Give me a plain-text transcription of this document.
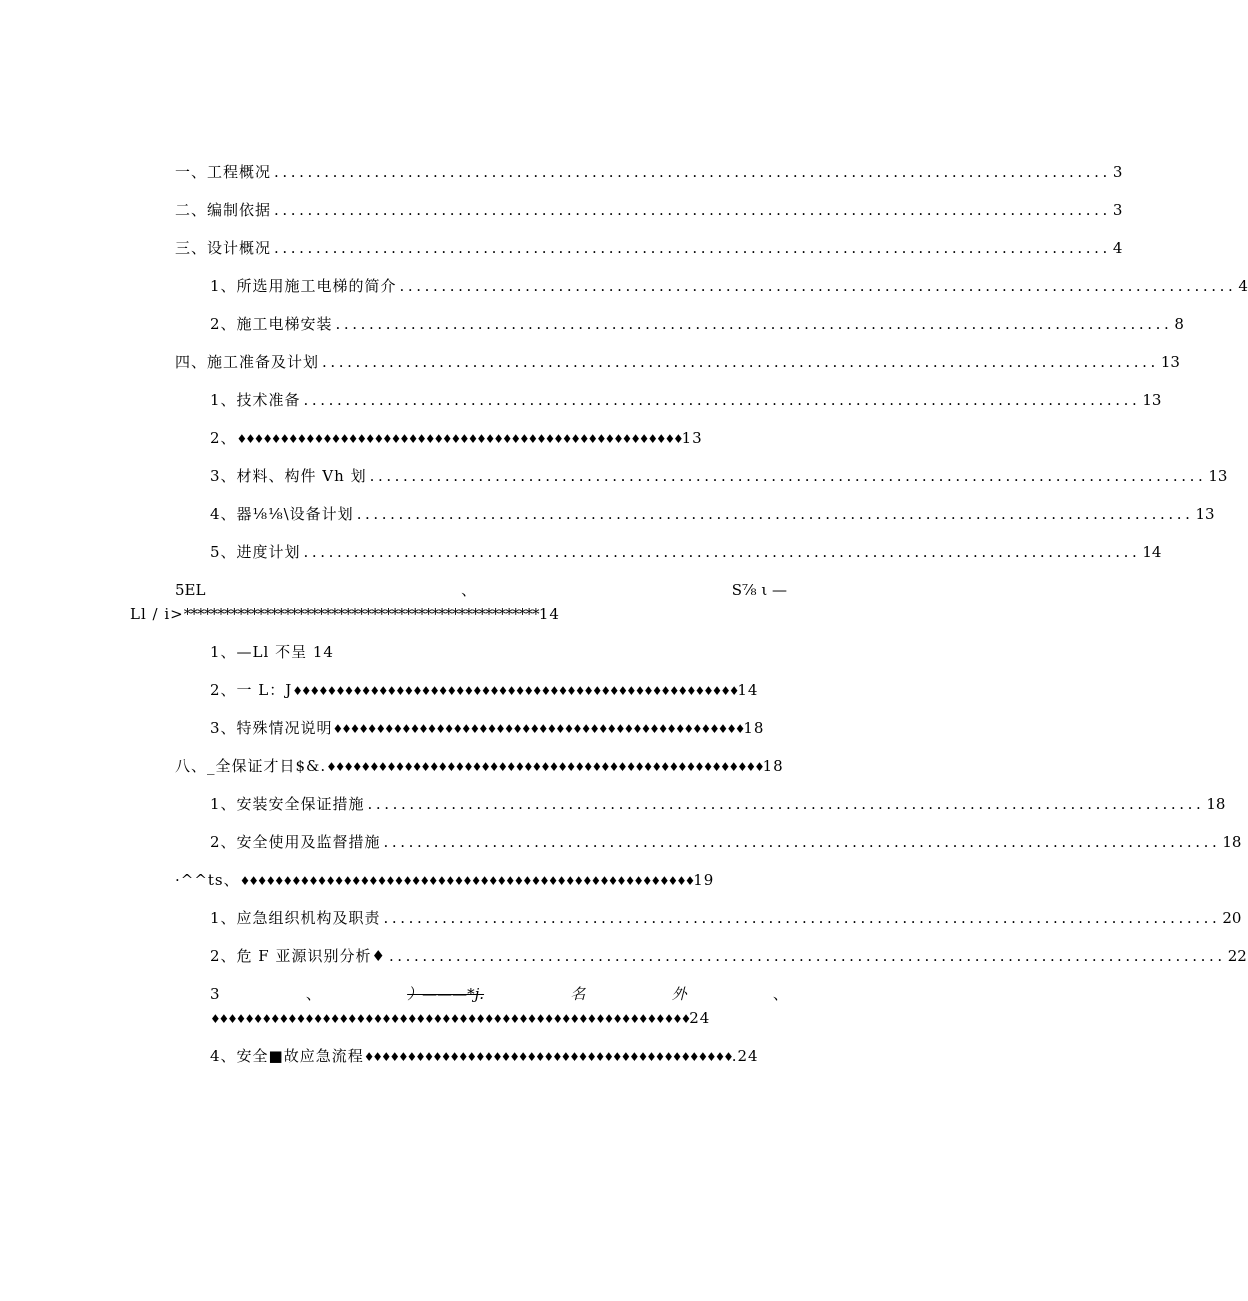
一、工程概况 .................................................................................................... 3
二、编制依据 .................................................................................................... 3
三、设计概况 .................................................................................................... 4
1、所选用施工电梯的简介 .................................................................................................... 4
2、施工电梯安装 .................................................................................................... 8
四、施工准备及计划 .................................................................................................... 13
1、技术准备 .................................................................................................... 13
2、♦♦♦♦♦♦♦♦♦♦♦♦♦♦♦♦♦♦♦♦♦♦♦♦♦♦♦♦♦♦♦♦♦♦♦♦♦♦♦♦♦♦♦♦♦♦♦♦♦♦♦♦13
3、材料、构件 Vh 划 .................................................................................................... 13
4、器⅛⅛\设备计划 .................................................................................................... 13
5、进度计划 .................................................................................................... 14
5EL	、	S⅞ ι —
Ll / i>*****************************************************14
1、—Ll 不呈 14
2、一 L：J♦♦♦♦♦♦♦♦♦♦♦♦♦♦♦♦♦♦♦♦♦♦♦♦♦♦♦♦♦♦♦♦♦♦♦♦♦♦♦♦♦♦♦♦♦♦♦♦♦♦♦♦14
3、特殊情况说明♦♦♦♦♦♦♦♦♦♦♦♦♦♦♦♦♦♦♦♦♦♦♦♦♦♦♦♦♦♦♦♦♦♦♦♦♦♦♦♦♦♦♦♦♦♦♦♦18
八、_全保证才日$&.♦♦♦♦♦♦♦♦♦♦♦♦♦♦♦♦♦♦♦♦♦♦♦♦♦♦♦♦♦♦♦♦♦♦♦♦♦♦♦♦♦♦♦♦♦♦♦♦♦♦♦18
1、安装安全保证措施 .................................................................................................... 18
2、安全使用及监督措施 .................................................................................................... 18
·^^ts、♦♦♦♦♦♦♦♦♦♦♦♦♦♦♦♦♦♦♦♦♦♦♦♦♦♦♦♦♦♦♦♦♦♦♦♦♦♦♦♦♦♦♦♦♦♦♦♦♦♦♦♦♦19
1、应急组织机构及职责 .................................................................................................... 20
2、危 F 亚源识别分析♦ .................................................................................................... 22
3	、	）———*j.	名	外	、
♦♦♦♦♦♦♦♦♦♦♦♦♦♦♦♦♦♦♦♦♦♦♦♦♦♦♦♦♦♦♦♦♦♦♦♦♦♦♦♦♦♦♦♦♦♦♦♦♦♦♦♦♦♦♦♦24
4、安全■故应急流程♦♦♦♦♦♦♦♦♦♦♦♦♦♦♦♦♦♦♦♦♦♦♦♦♦♦♦♦♦♦♦♦♦♦♦♦♦♦♦♦♦♦♦.24
